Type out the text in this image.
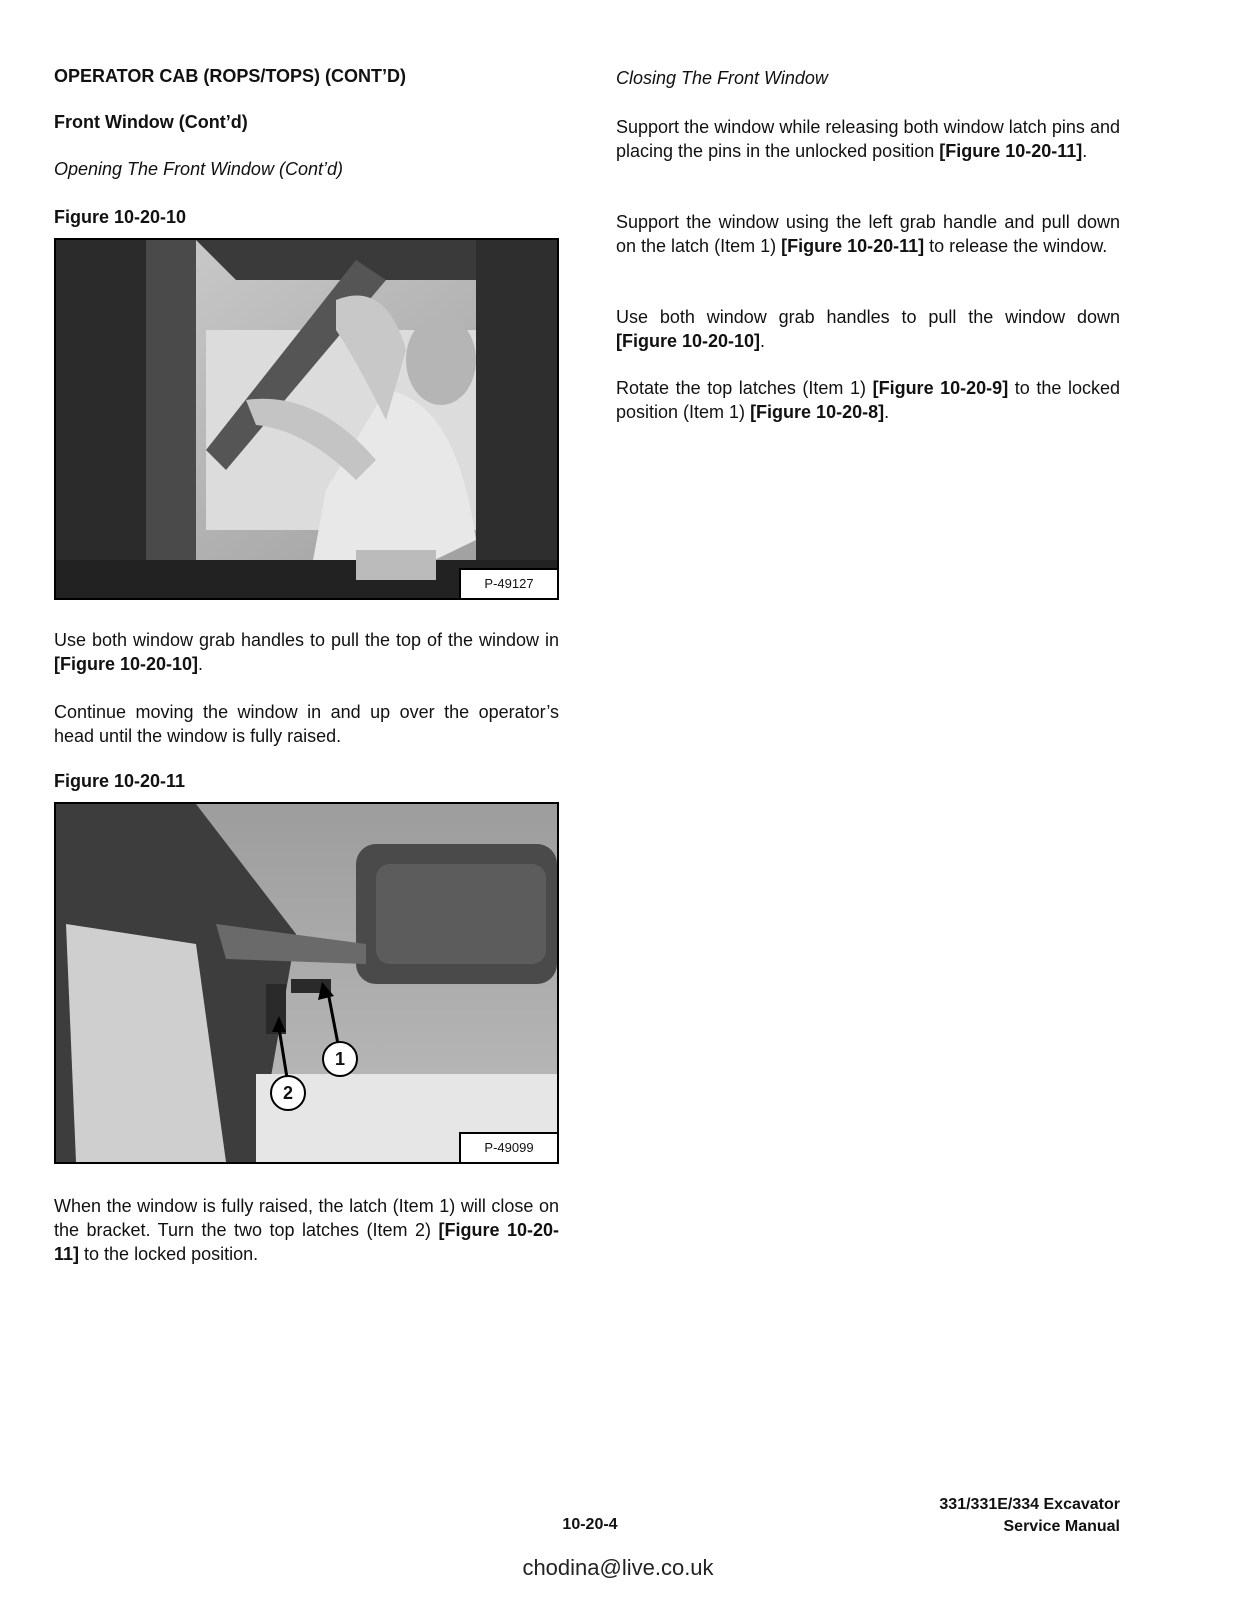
OPERATOR CAB (ROPS/TOPS) (CONT’D)
Front Window (Cont’d)
Opening The Front Window (Cont’d)
Figure 10-20-10
P-49127
Use both window grab handles to pull the top of the window in [Figure 10-20-10].
Continue moving the window in and up over the operator’s head until the window is fully raised.
Figure 10-20-11
1
2
P-49099
When the window is fully raised, the latch (Item 1) will close on the bracket. Turn the two top latches (Item 2) [Figure 10-20-11] to the locked position.
Closing The Front Window
Support the window while releasing both window latch pins and placing the pins in the unlocked position [Figure 10-20-11].
Support the window using the left grab handle and pull down on the latch (Item 1) [Figure 10-20-11] to release the window.
Use both window grab handles to pull the window down [Figure 10-20-10].
Rotate the top latches (Item 1) [Figure 10-20-9] to the locked position (Item 1) [Figure 10-20-8].
10-20-4
331/331E/334 Excavator
Service Manual
chodina@live.co.uk
